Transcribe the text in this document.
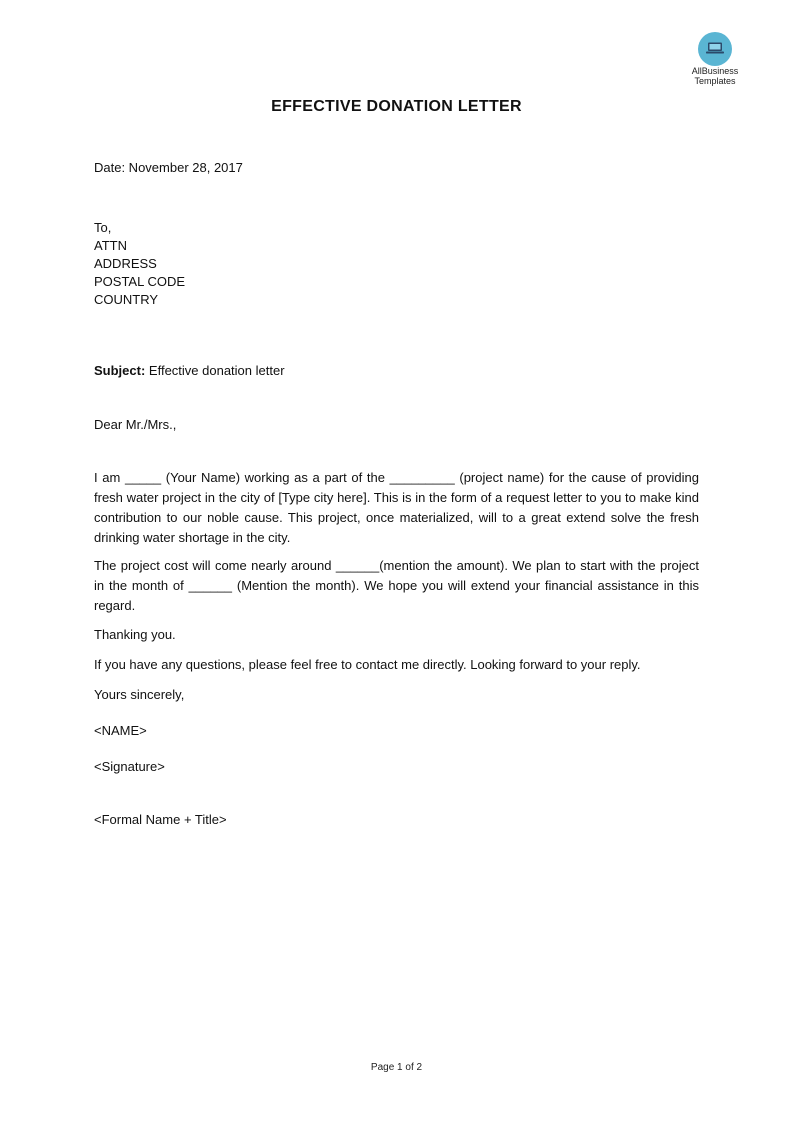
AllBusiness
Templates
EFFECTIVE DONATION LETTER
Date: November 28, 2017
To,
ATTN
ADDRESS
POSTAL CODE
COUNTRY
Subject: Effective donation letter
Dear Mr./Mrs.,
I am _____ (Your Name) working as a part of the _________ (project name) for the cause of providing fresh water project in the city of [Type city here]. This is in the form of a request letter to you to make kind contribution to our noble cause. This project, once materialized, will to a great extend solve the fresh drinking water shortage in the city.
The project cost will come nearly around ______(mention the amount). We plan to start with the project in the month of ______ (Mention the month). We hope you will extend your financial assistance in this regard.
Thanking you.
If you have any questions, please feel free to contact me directly. Looking forward to your reply.
Yours sincerely,
<NAME>
<Signature>
<Formal Name + Title>
Page 1 of 2
